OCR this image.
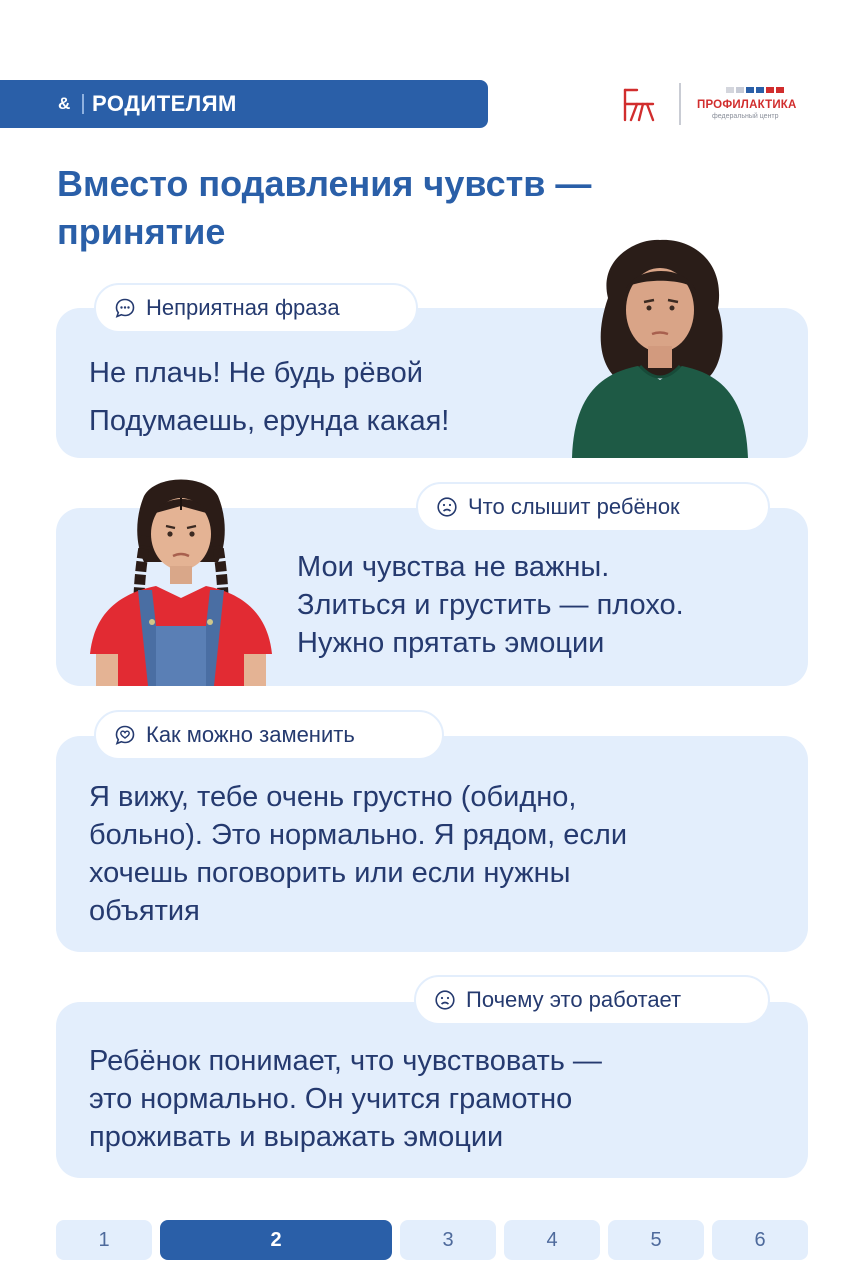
& РОДИТЕЛЯМ	ПРОФИЛАКТИКА
федеральный центр
Вместо подавления чувств —
принятие
Неприятная фраза
Что слышит ребёнок
Как можно заменить
Почему это работает
Не плачь! Не будь рёвой
Подумаешь, ерунда какая!
Мои чувства не важны.
Злиться и грустить — плохо.
Нужно прятать эмоции
Я вижу, тебе очень грустно (обидно,
больно). Это нормально. Я рядом, если
хочешь поговорить или если нужны
объятия
Ребёнок понимает, что чувствовать —
это нормально. Он учится грамотно
проживать и выражать эмоции
1	2	3	4	5	6
